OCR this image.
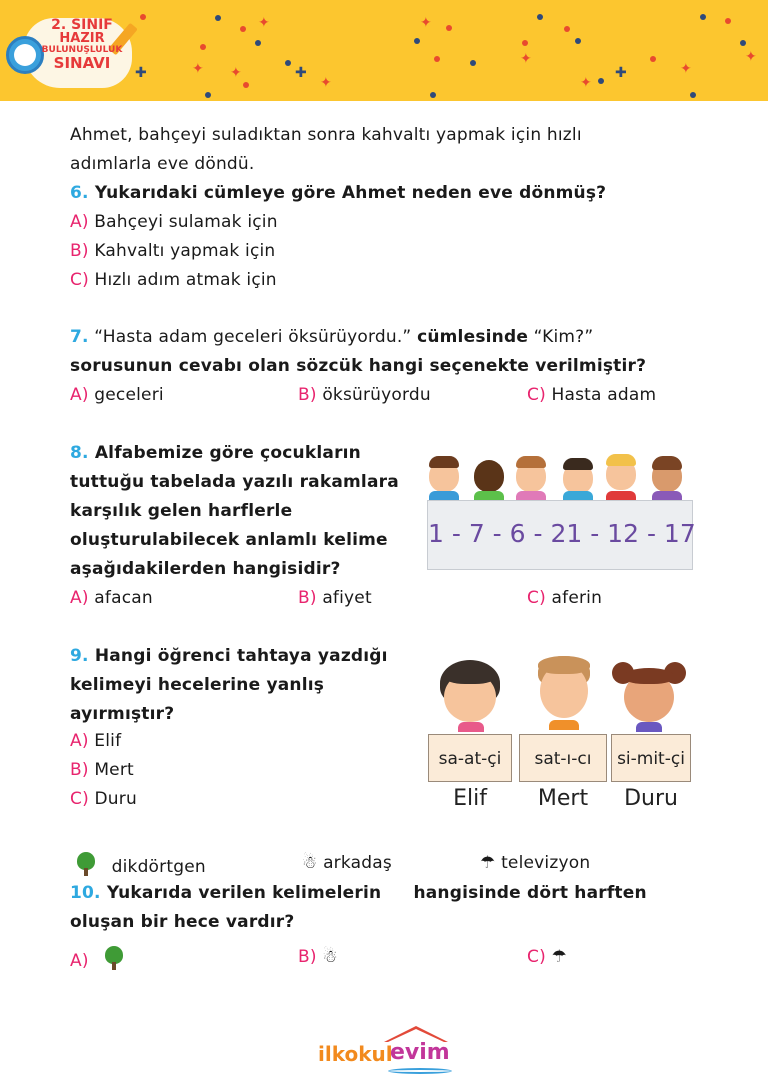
✦
✦ ✦	✚
✦
✦
✦
✚
✦
✦
✦
✚
2. SINIF
HAZIR
BULUNUŞLULUK
SINAVI
Ahmet, bahçeyi suladıktan sonra kahvaltı yapmak için hızlı
adımlarla eve döndü.
6. Yukarıdaki cümleye göre Ahmet neden eve dönmüş?
A) Bahçeyi sulamak için
B) Kahvaltı yapmak için
C) Hızlı adım atmak için
7. “Hasta adam geceleri öksürüyordu.” cümlesinde “Kim?”
sorusunun cevabı olan sözcük hangi seçenekte verilmiştir?
A) geceleri	B) öksürüyordu	C) Hasta adam
8. Alfabemize göre çocukların
tuttuğu tabelada yazılı rakamlara
karşılık gelen harflerle
oluşturulabilecek anlamlı kelime
aşağıdakilerden hangisidir?
A) afacan	B) afiyet	C) aferin
9. Hangi öğrenci tahtaya yazdığı
kelimeyi hecelerine yanlış
ayırmıştır?
A) Elif
B) Mert
C) Duru
dikdörtgen	☃ arkadaş	☂ televizyon
10. Yukarıda verilen kelimelerin hangisinde dört harften
oluşan bir hece vardır?
A)	B) ☃	C) ☂
1 - 7 - 6 - 21 - 12 - 17
sa-at-çi	sat-ı-cı	si-mit-çi
Elif	Mert	Duru
ilkokul
evim
